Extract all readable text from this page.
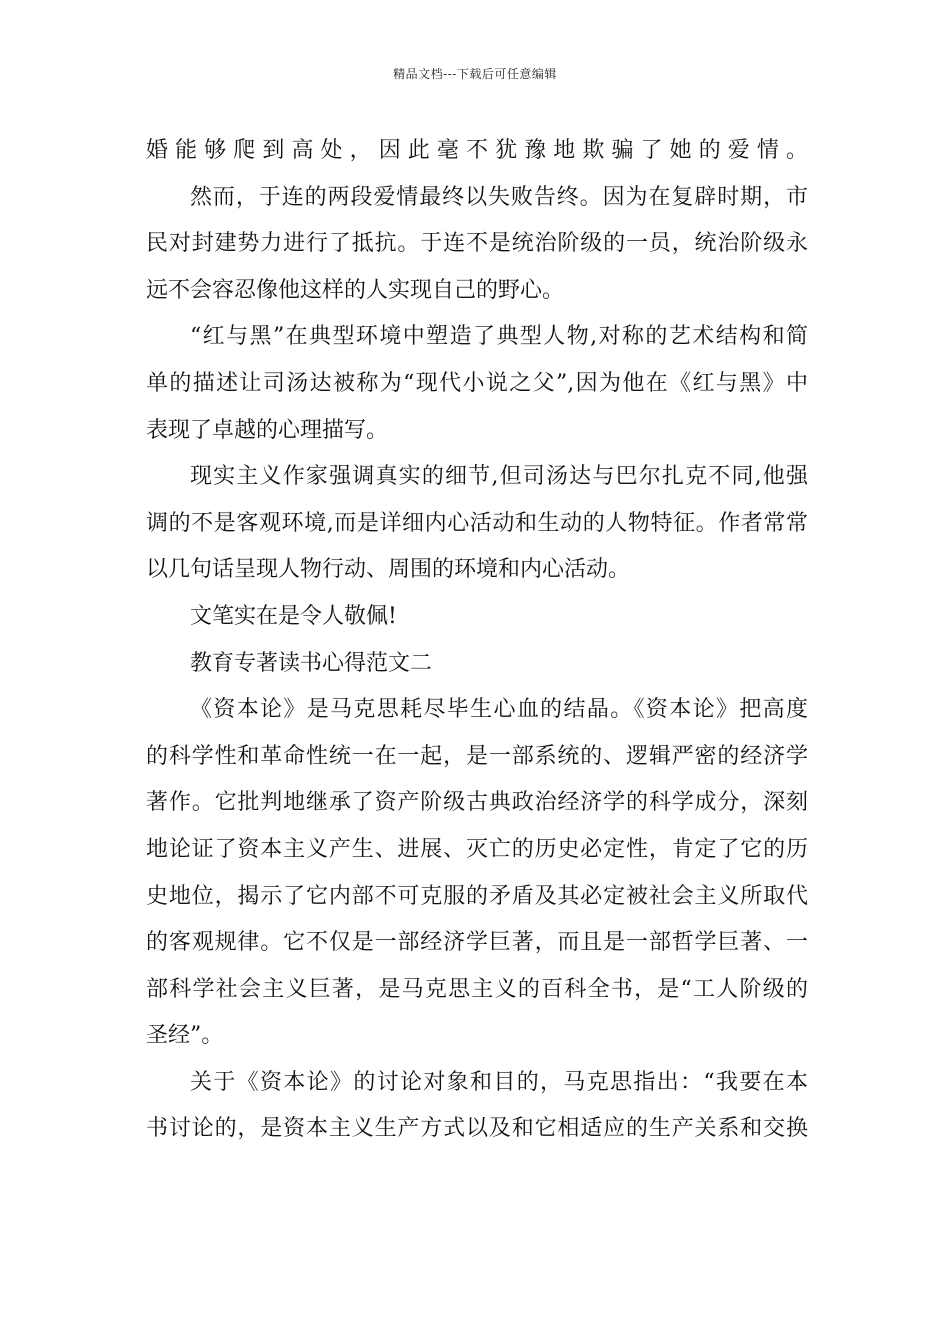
精品文档---下载后可任意编辑
婚能够爬到高处，因此毫不犹豫地欺骗了她的爱情。
然而，于连的两段爱情最终以失败告终。因为在复辟时期，市
民对封建势力进行了抵抗。于连不是统治阶级的一员，统治阶级永
远不会容忍像他这样的人实现自己的野心。
“红与黑”在典型环境中塑造了典型人物,对称的艺术结构和简
单的描述让司汤达被称为“现代小说之父”,因为他在《红与黑》中
表现了卓越的心理描写。
现实主义作家强调真实的细节,但司汤达与巴尔扎克不同,他强
调的不是客观环境,而是详细内心活动和生动的人物特征。作者常常
以几句话呈现人物行动、周围的环境和内心活动。
文笔实在是令人敬佩!
教育专著读书心得范文二
《资本论》是马克思耗尽毕生心血的结晶。《资本论》把高度
的科学性和革命性统一在一起，是一部系统的、逻辑严密的经济学
著作。它批判地继承了资产阶级古典政治经济学的科学成分，深刻
地论证了资本主义产生、进展、灭亡的历史必定性，肯定了它的历
史地位，揭示了它内部不可克服的矛盾及其必定被社会主义所取代
的客观规律。它不仅是一部经济学巨著，而且是一部哲学巨著、一
部科学社会主义巨著，是马克思主义的百科全书，是“工人阶级的
圣经”。
关于《资本论》的讨论对象和目的，马克思指出：“我要在本
书讨论的，是资本主义生产方式以及和它相适应的生产关系和交换
